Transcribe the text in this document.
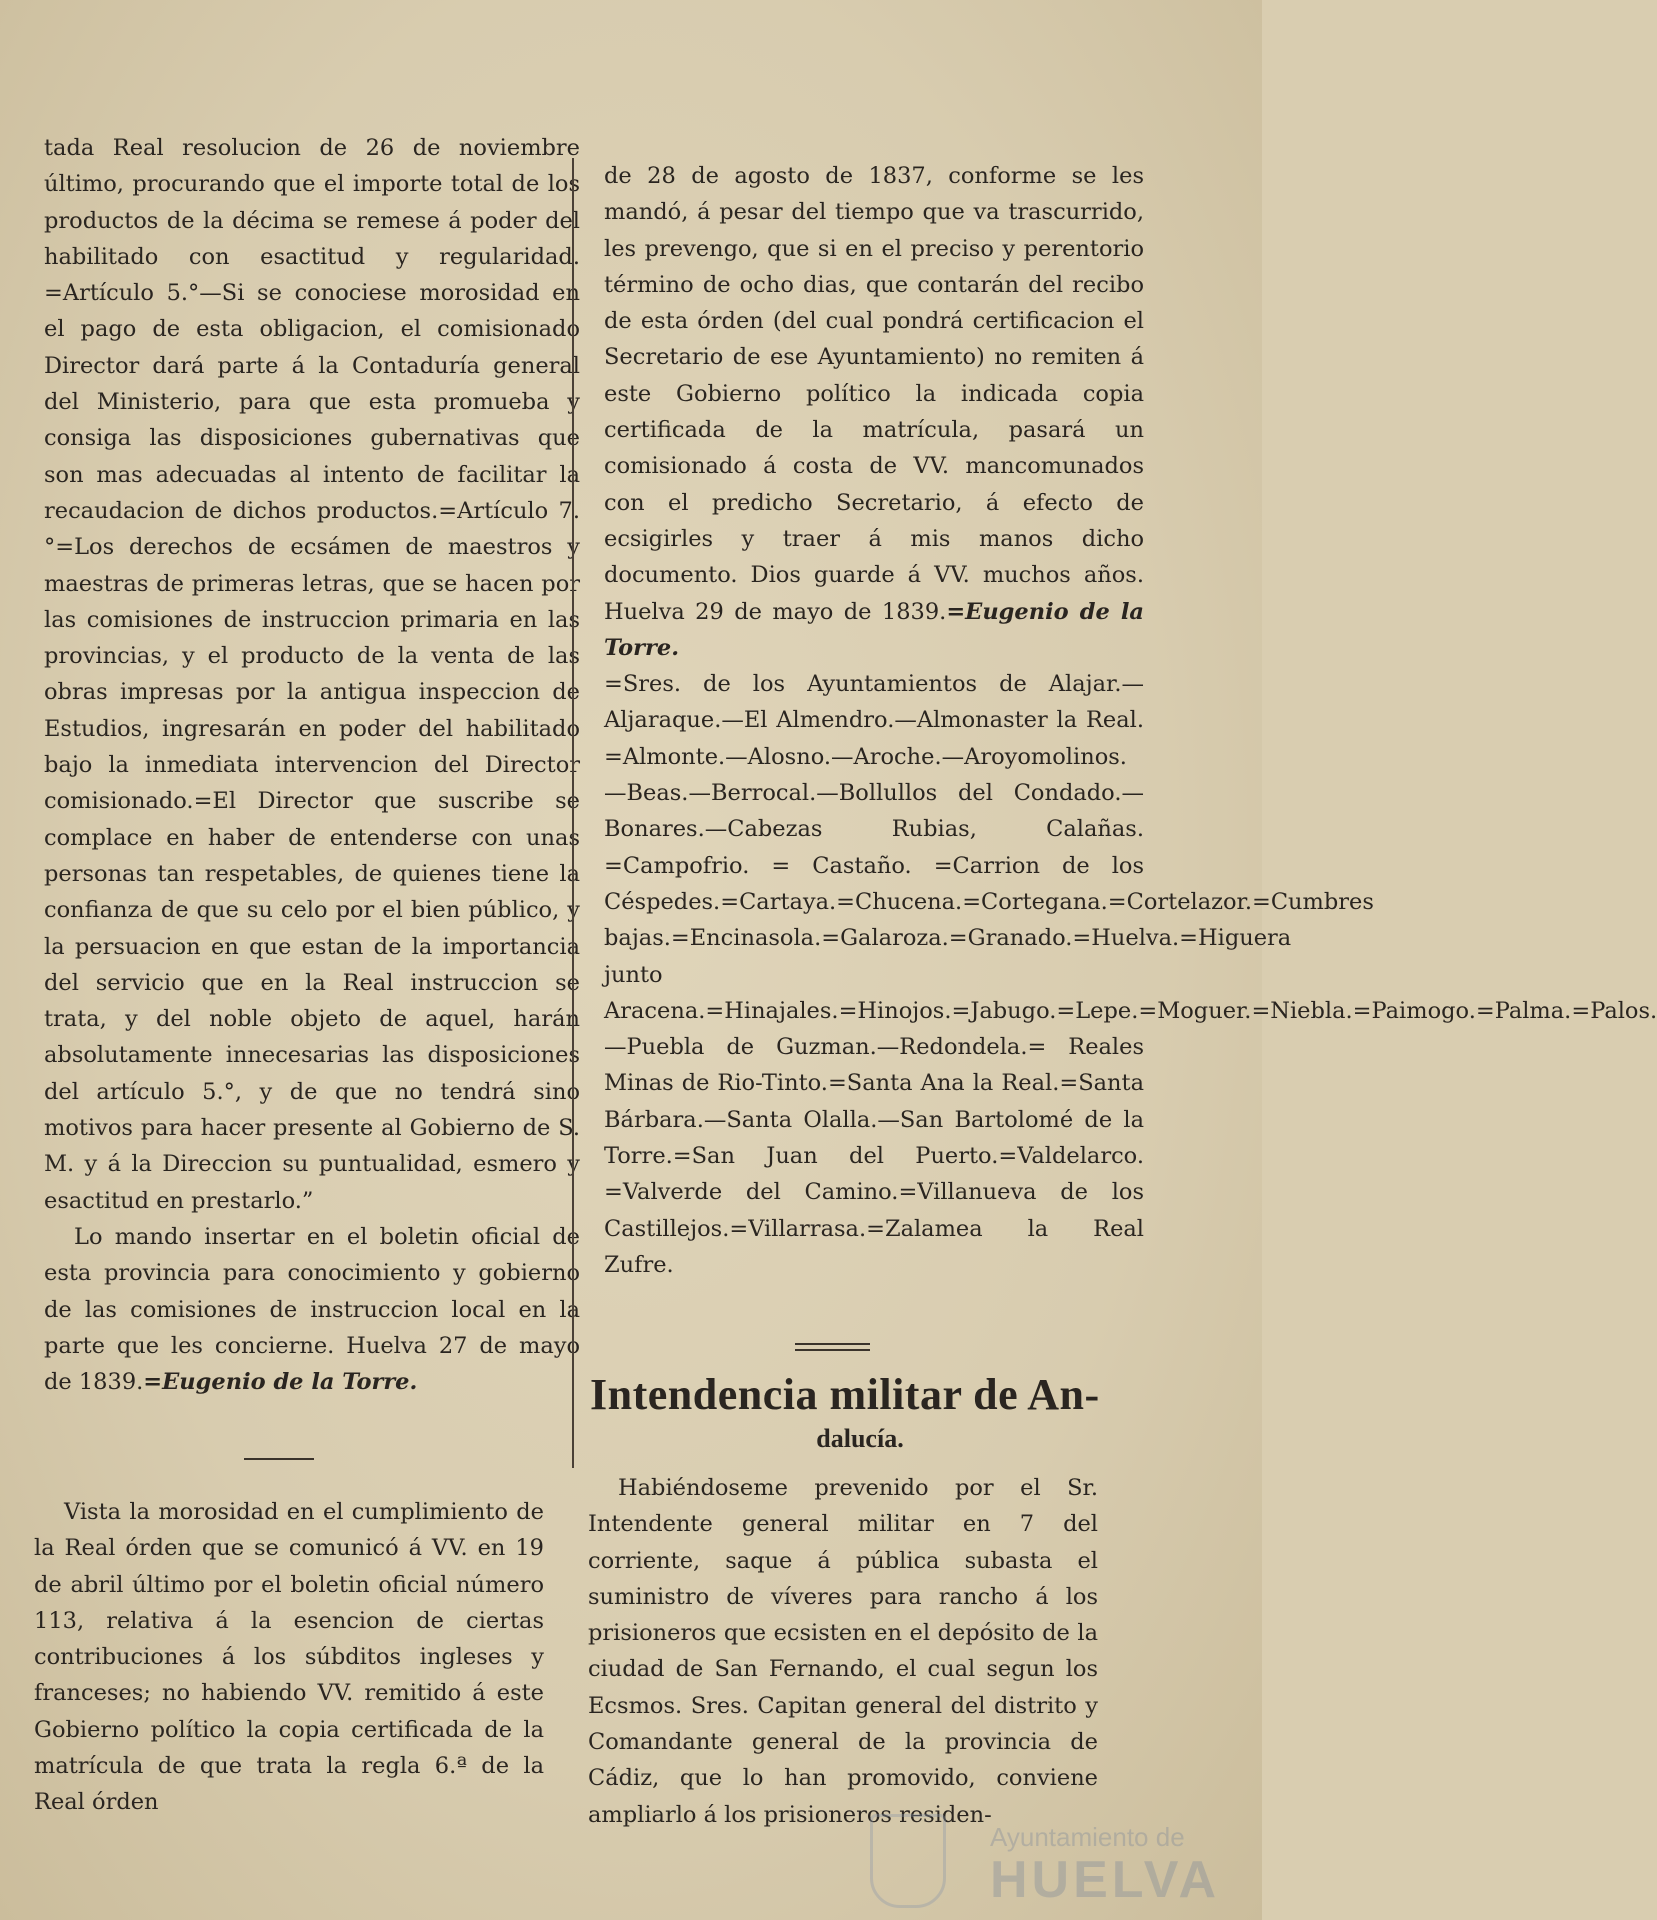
tada Real resolucion de 26 de noviembre último, procurando que el importe total de los productos de la décima se remese á poder del habilitado con esactitud y regularidad. =Artículo 5.°—Si se conociese morosidad en el pago de esta obligacion, el comisionado Director dará parte á la Contaduría general del Ministerio, para que esta promueba y consiga las disposiciones gubernativas que son mas adecuadas al intento de facilitar la recaudacion de dichos productos.=Artículo 7.°=Los derechos de ecsámen de maestros y maestras de primeras letras, que se hacen por las comisiones de instruccion primaria en las provincias, y el producto de la venta de las obras impresas por la antigua inspeccion de Estudios, ingresarán en poder del habilitado bajo la inmediata intervencion del Director comisionado.=El Director que suscribe se complace en haber de entenderse con unas personas tan respetables, de quienes tiene la confianza de que su celo por el bien público, y la persuacion en que estan de la importancia del servicio que en la Real instruccion se trata, y del noble objeto de aquel, harán absolutamente innecesarias las disposiciones del artículo 5.°, y de que no tendrá sino motivos para hacer presente al Gobierno de S. M. y á la Direccion su puntualidad, esmero y esactitud en prestarlo.”

Lo mando insertar en el boletin oficial de esta provincia para conocimiento y gobierno de las comisiones de instruccion local en la parte que les concierne. Huelva 27 de mayo de 1839.=Eugenio de la Torre.

Vista la morosidad en el cumplimiento de la Real órden que se comunicó á VV. en 19 de abril último por el boletin oficial número 113, relativa á la esencion de ciertas contribuciones á los súbditos ingleses y franceses; no habiendo VV. remitido á este Gobierno político la copia certificada de la matrícula de que trata la regla 6.ª de la Real órden

de 28 de agosto de 1837, conforme se les mandó, á pesar del tiempo que va trascurrido, les prevengo, que si en el preciso y perentorio término de ocho dias, que contarán del recibo de esta órden (del cual pondrá certificacion el Secretario de ese Ayuntamiento) no remiten á este Gobierno político la indicada copia certificada de la matrícula, pasará un comisionado á costa de VV. mancomunados con el predicho Secretario, á efecto de ecsigirles y traer á mis manos dicho documento. Dios guarde á VV. muchos años. Huelva 29 de mayo de 1839.=Eugenio de la Torre.

=Sres. de los Ayuntamientos de Alajar.—Aljaraque.—El Almendro.—Almonaster la Real. =Almonte.—Alosno.—Aroche.—Aroyomolinos.—Beas.—Berrocal.—Bollullos del Condado.—Bonares.—Cabezas Rubias, Calañas. =Campofrio. = Castaño. =Carrion de los Céspedes.=Cartaya.=Chucena.=Cortegana.=Cortelazor.=Cumbres bajas.=Encinasola.=Galaroza.=Granado.=Huelva.=Higuera junto Aracena.=Hinajales.=Hinojos.=Jabugo.=Lepe.=Moguer.=Niebla.=Paimogo.=Palma.=Palos.—Puebla de Guzman.—Redondela.= Reales Minas de Rio-Tinto.=Santa Ana la Real.=Santa Bárbara.—Santa Olalla.—San Bartolomé de la Torre.=San Juan del Puerto.=Valdelarco. =Valverde del Camino.=Villanueva de los Castillejos.=Villarrasa.=Zalamea la Real Zufre.

Intendencia militar de An-
dalucía.

Habiéndoseme prevenido por el Sr. Intendente general militar en 7 del corriente, saque á pública subasta el suministro de víveres para rancho á los prisioneros que ecsisten en el depósito de la ciudad de San Fernando, el cual segun los Ecsmos. Sres. Capitan general del distrito y Comandante general de la provincia de Cádiz, que lo han promovido, conviene ampliarlo á los prisioneros residen-

Ayuntamiento de
HUELVA
